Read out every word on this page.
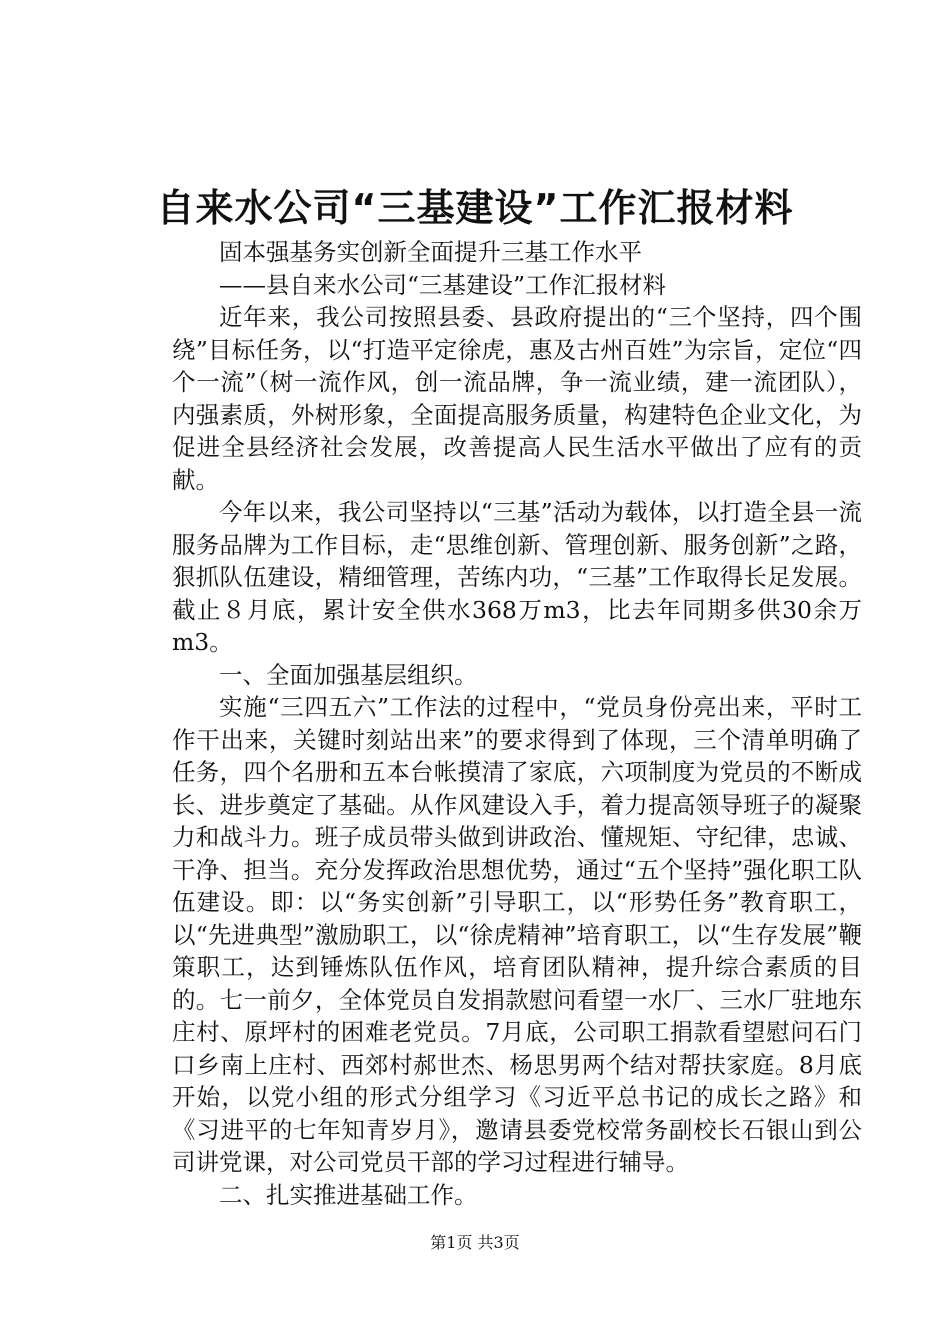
自来水公司“三基建设”工作汇报材料

固本强基务实创新全面提升三基工作水平

——县自来水公司“三基建设”工作汇报材料

近年来，我公司按照县委、县政府提出的“三个坚持，四个围绕”目标任务，以“打造平定徐虎，惠及古州百姓”为宗旨，定位“四个一流”（树一流作风，创一流品牌，争一流业绩，建一流团队），内强素质，外树形象，全面提高服务质量，构建特色企业文化，为促进全县经济社会发展，改善提高人民生活水平做出了应有的贡献。

今年以来，我公司坚持以“三基”活动为载体，以打造全县一流服务品牌为工作目标，走“思维创新、管理创新、服务创新”之路，狠抓队伍建设，精细管理，苦练内功，“三基”工作取得长足发展。截止８月底，累计安全供水368万m3，比去年同期多供30余万m3。

一、全面加强基层组织。

实施“三四五六”工作法的过程中，“党员身份亮出来，平时工作干出来，关键时刻站出来”的要求得到了体现，三个清单明确了任务，四个名册和五本台帐摸清了家底，六项制度为党员的不断成长、进步奠定了基础。从作风建设入手，着力提高领导班子的凝聚力和战斗力。班子成员带头做到讲政治、懂规矩、守纪律，忠诚、干净、担当。充分发挥政治思想优势，通过“五个坚持”强化职工队伍建设。即：以“务实创新”引导职工，以“形势任务”教育职工，以“先进典型”激励职工，以“徐虎精神”培育职工，以“生存发展”鞭策职工，达到锤炼队伍作风，培育团队精神，提升综合素质的目的。七一前夕，全体党员自发捐款慰问看望一水厂、三水厂驻地东庄村、原坪村的困难老党员。7月底，公司职工捐款看望慰问石门口乡南上庄村、西郊村郝世杰、杨思男两个结对帮扶家庭。8月底开始，以党小组的形式分组学习《习近平总书记的成长之路》和《习进平的七年知青岁月》，邀请县委党校常务副校长石银山到公司讲党课，对公司党员干部的学习过程进行辅导。

二、扎实推进基础工作。

第1页 共3页
